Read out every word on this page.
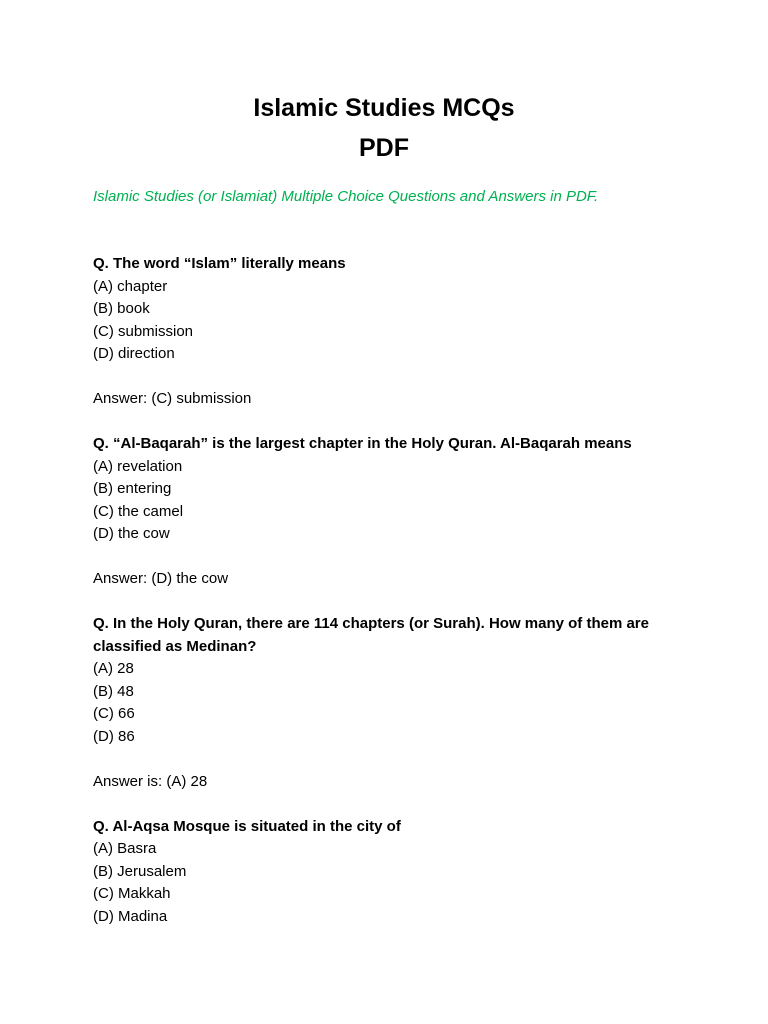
Islamic Studies MCQs
PDF
Islamic Studies (or Islamiat) Multiple Choice Questions and Answers in PDF.
Q. The word “Islam” literally means
(A) chapter
(B) book
(C) submission
(D) direction
Answer: (C) submission
Q. “Al-Baqarah” is the largest chapter in the Holy Quran. Al-Baqarah means
(A) revelation
(B) entering
(C) the camel
(D) the cow
Answer: (D) the cow
Q. In the Holy Quran, there are 114 chapters (or Surah). How many of them are classified as Medinan?
(A) 28
(B) 48
(C) 66
(D) 86
Answer is: (A) 28
Q. Al-Aqsa Mosque is situated in the city of
(A) Basra
(B) Jerusalem
(C) Makkah
(D) Madina
